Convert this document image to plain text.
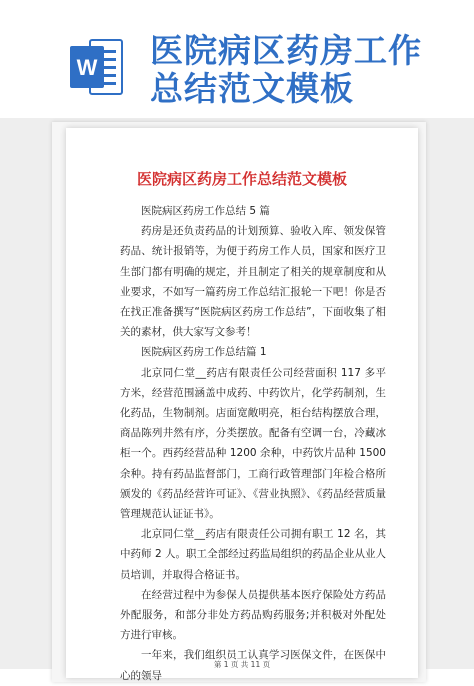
W 医院病区药房工作
总结范文模板
医院病区药房工作总结范文模板

医院病区药房工作总结 5 篇

药房是还负责药品的计划预算、验收入库、领发保管药品、统计报销等，为便于药房工作人员，国家和医疗卫生部门都有明确的规定，并且制定了相关的规章制度和从业要求，不如写一篇药房工作总结汇报轮一下吧！你是否在找正准备撰写“医院病区药房工作总结”，下面收集了相关的素材，供大家写文参考！

医院病区药房工作总结篇 1

北京同仁堂__药店有限责任公司经营面积 117 多平方米，经营范围涵盖中成药、中药饮片，化学药制剂，生化药品，生物制剂。店面宽敞明亮，柜台结构摆放合理，商品陈列井然有序，分类摆放。配备有空调一台，冷藏冰柜一个。西药经营品种 1200 余种，中药饮片品种 1500 余种。持有药品监督部门，工商行政管理部门年检合格所颁发的《药品经营许可证》、《营业执照》、《药品经营质量管理规范认证证书》。

北京同仁堂__药店有限责任公司拥有职工 12 名，其中药师 2 人。职工全部经过药监局组织的药品企业从业人员培训，并取得合格证书。

在经营过程中为参保人员提供基本医疗保险处方药品外配服务，和部分非处方药品购药服务;并积极对外配处方进行审核。

一年来，我们组织员工认真学习医保文件，在医保中心的领导

第 1 页 共 11 页
